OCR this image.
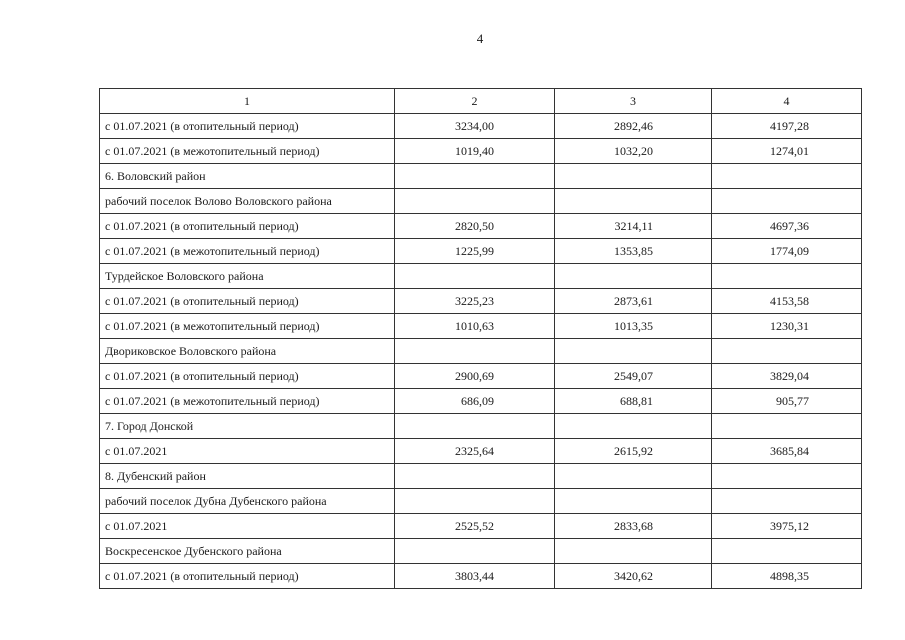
4
1	2	3	4
с 01.07.2021 (в отопительный период)	3234,00	2892,46	4197,28
с 01.07.2021 (в межотопительный период)	1019,40	1032,20	1274,01
6. Воловский район			
рабочий поселок Волово Воловского района			
с 01.07.2021 (в отопительный период)	2820,50	3214,11	4697,36
с 01.07.2021 (в межотопительный период)	1225,99	1353,85	1774,09
Турдейское Воловского района			
с 01.07.2021 (в отопительный период)	3225,23	2873,61	4153,58
с 01.07.2021 (в межотопительный период)	1010,63	1013,35	1230,31
Двориковское Воловского района			
с 01.07.2021 (в отопительный период)	2900,69	2549,07	3829,04
с 01.07.2021 (в межотопительный период)	686,09	688,81	905,77
7. Город Донской			
с 01.07.2021	2325,64	2615,92	3685,84
8. Дубенский район			
рабочий поселок Дубна Дубенского района			
с 01.07.2021	2525,52	2833,68	3975,12
Воскресенское Дубенского района			
с 01.07.2021 (в отопительный период)	3803,44	3420,62	4898,35
